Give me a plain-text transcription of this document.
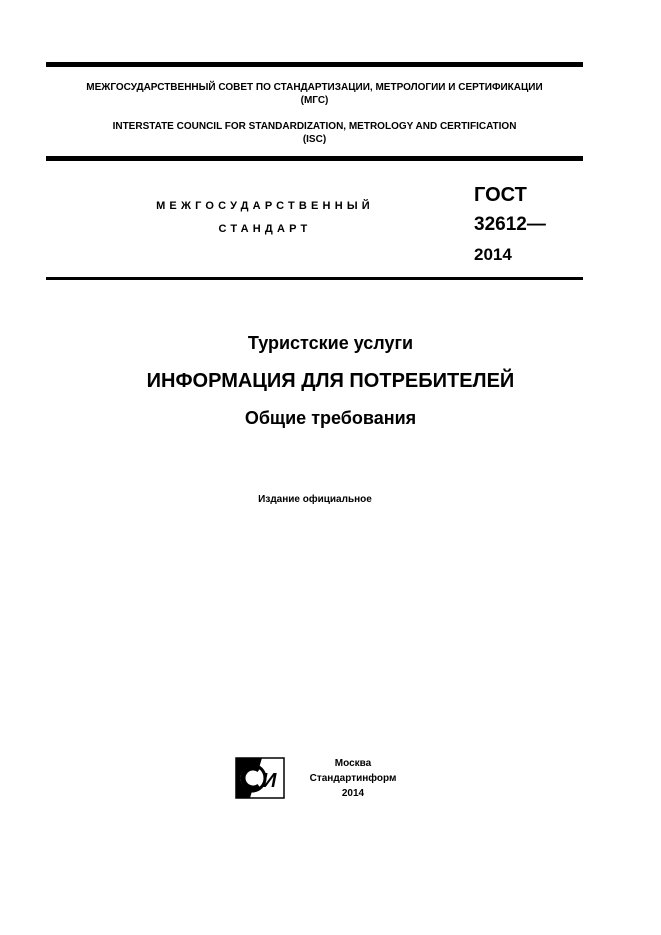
МЕЖГОСУДАРСТВЕННЫЙ СОВЕТ ПО СТАНДАРТИЗАЦИИ, МЕТРОЛОГИИ И СЕРТИФИКАЦИИ
(МГС)
INTERSTATE COUNCIL FOR STANDARDIZATION, METROLOGY AND CERTIFICATION
(ISC)
МЕЖГОСУДАРСТВЕННЫЙ
СТАНДАРТ
ГОСТ
32612—
2014
Туристские услуги
ИНФОРМАЦИЯ ДЛЯ ПОТРЕБИТЕЛЕЙ
Общие требования
Издание официальное
И
Москва
Стандартинформ
2014
